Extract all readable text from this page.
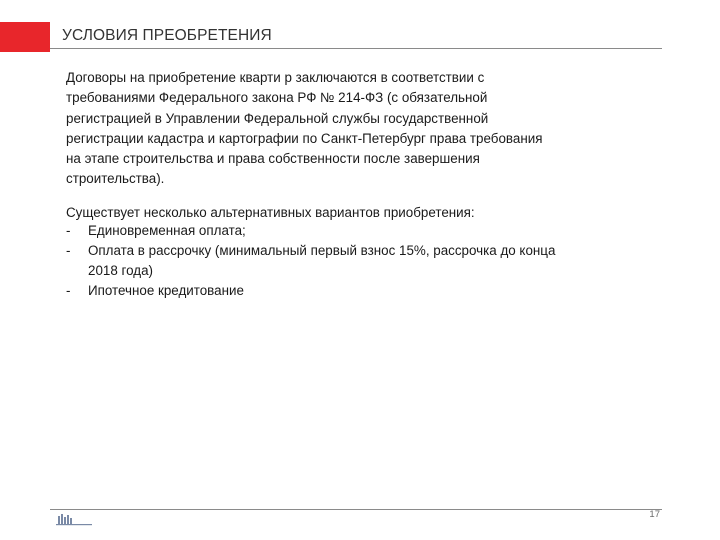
УСЛОВИЯ ПРЕОБРЕТЕНИЯ
Договоры на приобретение кварти р заключаются в соответствии с
требованиями Федерального закона РФ № 214-ФЗ (с обязательной
регистрацией в Управлении Федеральной службы государственной
регистрации кадастра и картографии по Санкт-Петербург права требования
на этапе строительства и права собственности после завершения
строительства).
Существует несколько альтернативных вариантов приобретения:
-	Единовременная оплата;
-	Оплата в рассрочку (минимальный первый взнос 15%, рассрочка до конца
2018 года)
-	Ипотечное кредитование
17
